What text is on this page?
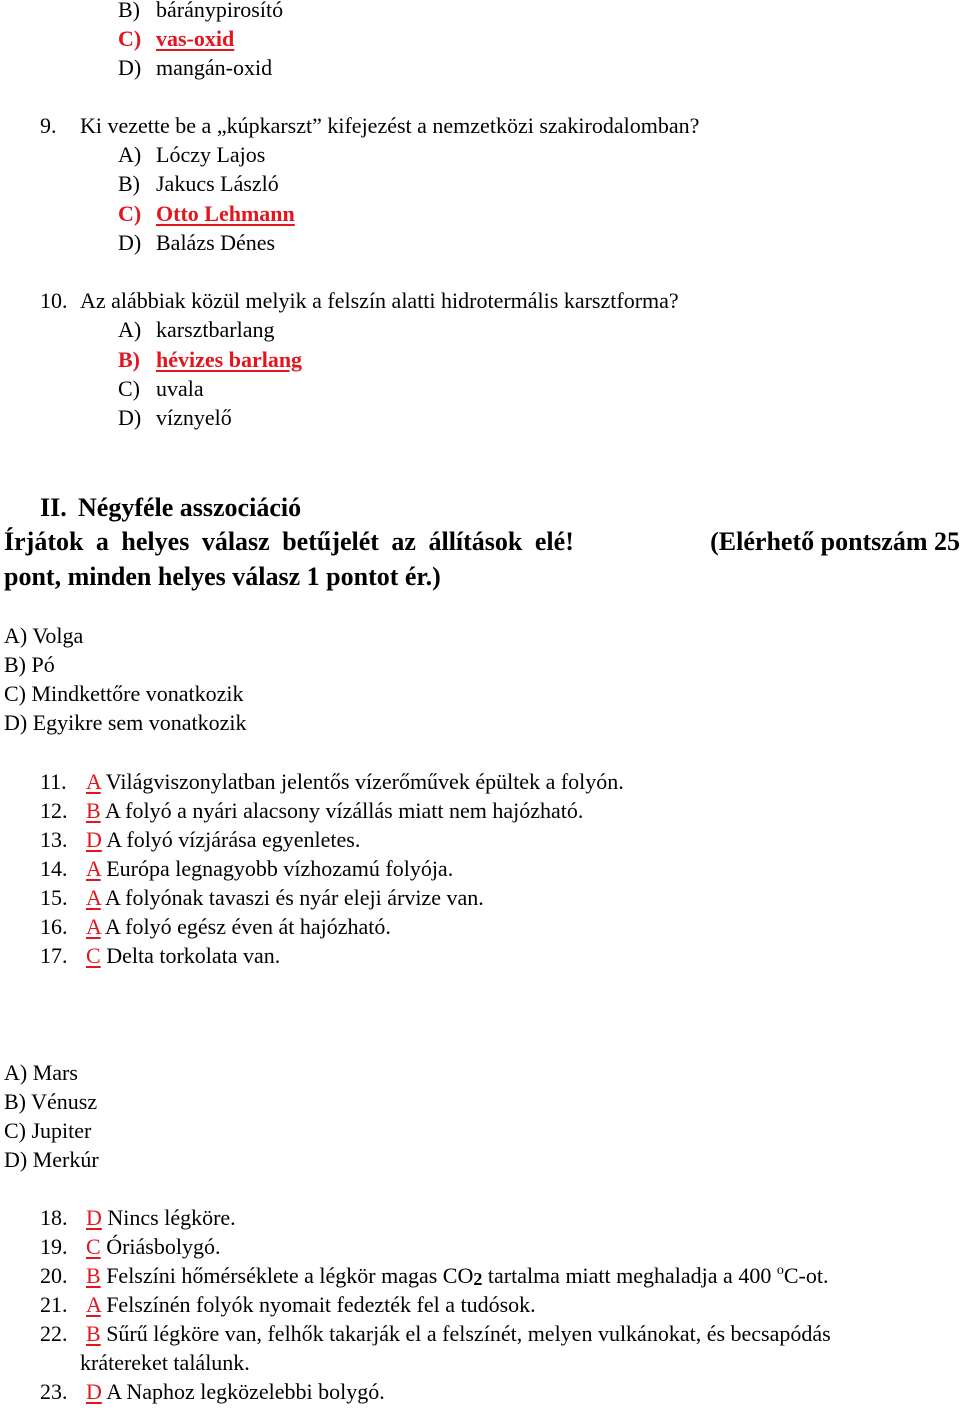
B) báránypirosító
C) vas-oxid
D) mangán-oxid
9. Ki vezette be a „kúpkarszt” kifejezést a nemzetközi szakirodalomban?
A) Lóczy Lajos
B) Jakucs László
C) Otto Lehmann
D) Balázs Dénes
10. Az alábbiak közül melyik a felszín alatti hidrotermális karsztforma?
A) karsztbarlang
B) hévizes barlang
C) uvala
D) víznyelő
II. Négyféle asszociáció
Írjátok a helyes válasz betűjelét az állítások elé!	(Elérhető pontszám 25
pont, minden helyes válasz 1 pontot ér.)
A) Volga
B) Pó
C) Mindkettőre vonatkozik
D) Egyikre sem vonatkozik
11. A Világviszonylatban jelentős vízerőművek épültek a folyón.
12. B A folyó a nyári alacsony vízállás miatt nem hajózható.
13. D A folyó vízjárása egyenletes.
14. A Európa legnagyobb vízhozamú folyója.
15. A A folyónak tavaszi és nyár eleji árvize van.
16. A A folyó egész éven át hajózható.
17. C Delta torkolata van.
A) Mars
B) Vénusz
C) Jupiter
D) Merkúr
18. D Nincs légköre.
19. C Óriásbolygó.
20. B Felszíni hőmérséklete a légkör magas CO2 tartalma miatt meghaladja a 400 $^o$C-ot.
21. A Felszínén folyók nyomait fedezték fel a tudósok.
22. B Sűrű légköre van, felhők takarják el a felszínét, melyen vulkánokat, és becsapódás
krátereket találunk.
23. D A Naphoz legközelebbi bolygó.
